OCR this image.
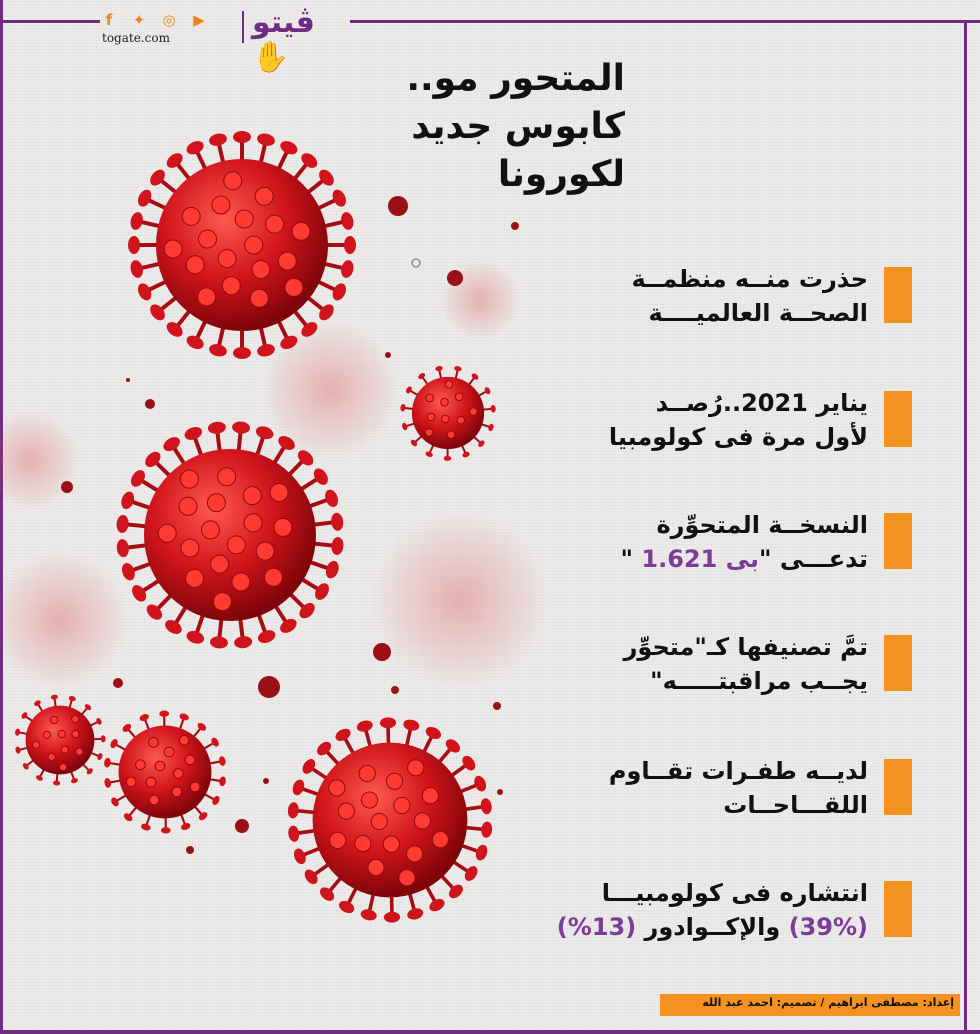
f	✦ ◎ ▶
togate.com	ڤيتو✋
المتحور مو..
كابوس جديد
لكورونا
حذرت منــه منظمــة
الصحــة العالميــــة
يناير 2021..رُصــد
لأول مرة فى كولومبيا
النسخــة المتحوِّرة
تدعـــى "بى 1.621 "
تمَّ تصنيفها كـ"متحوِّر
يجــب مراقبتـــــه"
لديــه طفـرات تقــاوم
اللقـــاحــات
انتشاره فى كولومبيـــا
(39%) والإكــوادور (13%)
إعداد: مصطفى ابراهيم / تصميم: احمد عبد الله
